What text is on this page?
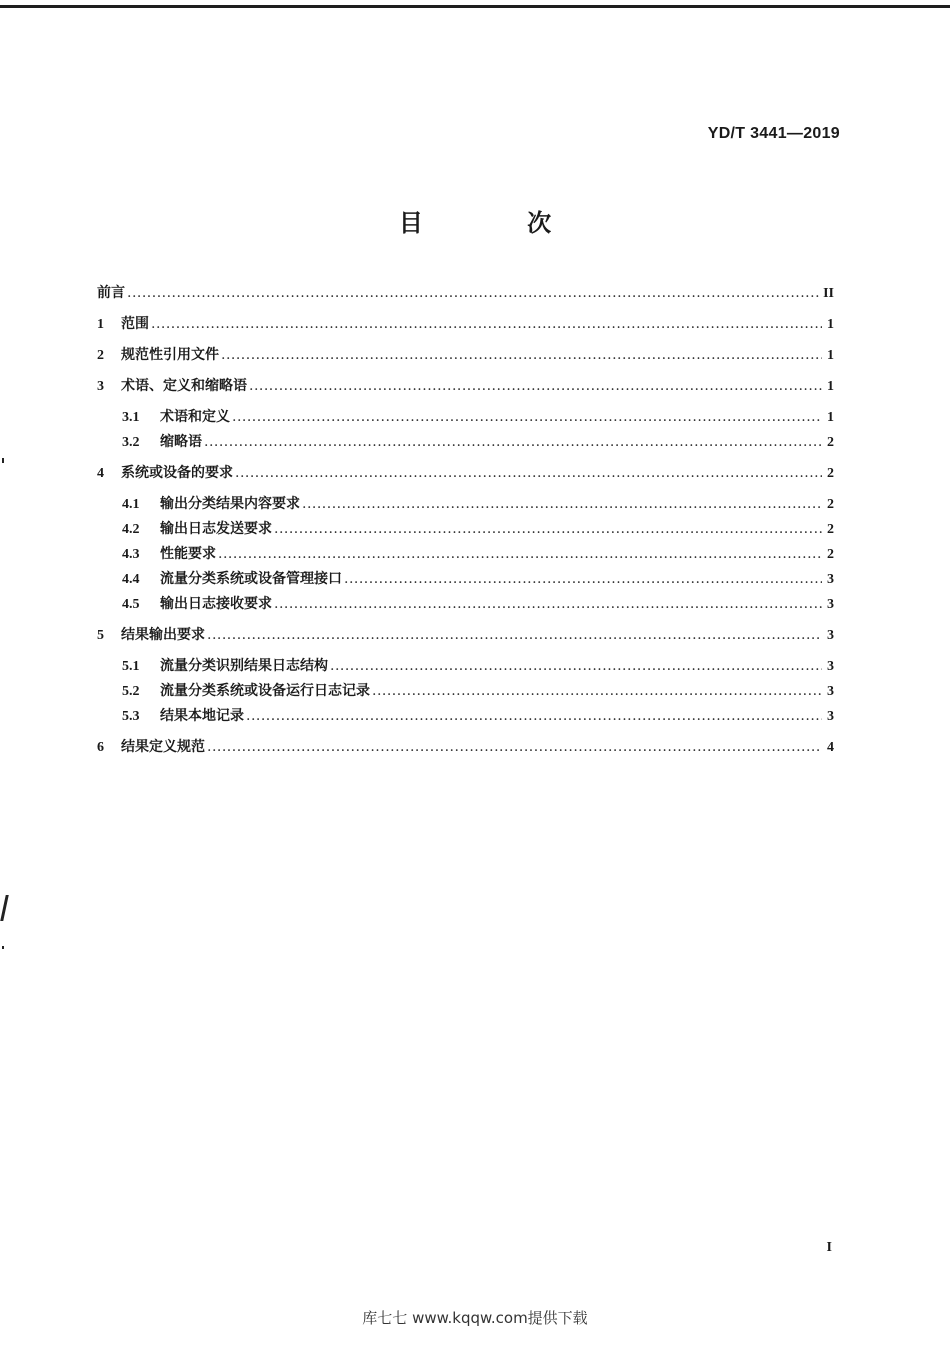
YD/T 3441—2019
目 次
前言 .....	II
1	范围 .....	1
2	规范性引用文件 .....	1
3	术语、定义和缩略语 .....	1
3.1	术语和定义 .....	1
3.2	缩略语 .....	2
4	系统或设备的要求 .....	2
4.1	输出分类结果内容要求 .....	2
4.2	输出日志发送要求 .....	2
4.3	性能要求 .....	2
4.4	流量分类系统或设备管理接口 .....	3
4.5	输出日志接收要求 .....	3
5	结果输出要求 .....	3
5.1	流量分类识别结果日志结构 .....	3
5.2	流量分类系统或设备运行日志记录 .....	3
5.3	结果本地记录 .....	3
6	结果定义规范 .....	4
I
库七七 www.kqqw.com提供下载
